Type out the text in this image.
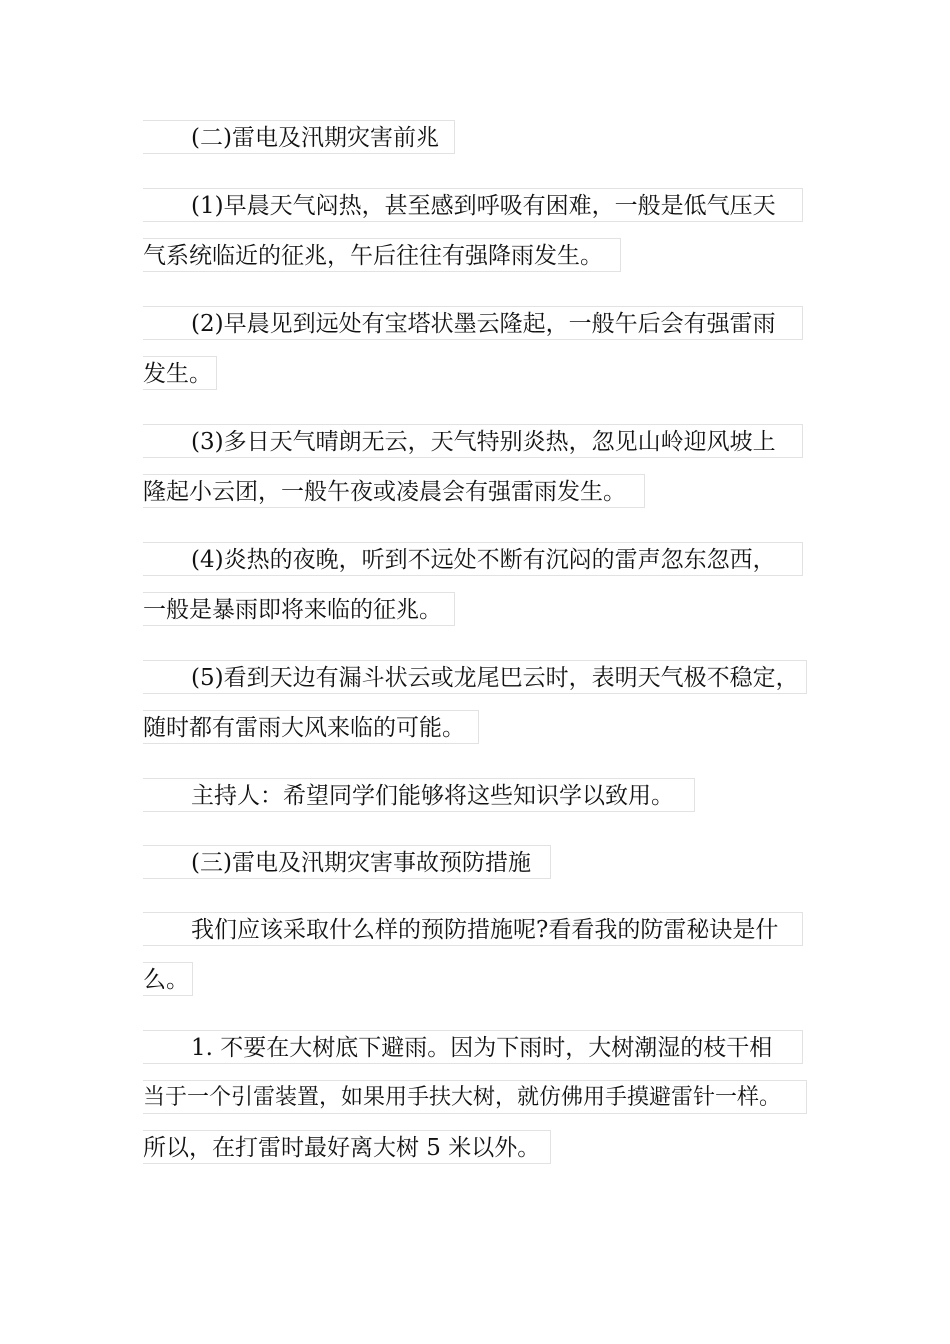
(二)雷电及汛期灾害前兆
(1)早晨天气闷热，甚至感到呼吸有困难，一般是低气压天
气系统临近的征兆，午后往往有强降雨发生。
(2)早晨见到远处有宝塔状墨云隆起，一般午后会有强雷雨
发生。
(3)多日天气晴朗无云，天气特别炎热，忽见山岭迎风坡上
隆起小云团，一般午夜或凌晨会有强雷雨发生。
(4)炎热的夜晚，听到不远处不断有沉闷的雷声忽东忽西，
一般是暴雨即将来临的征兆。
(5)看到天边有漏斗状云或龙尾巴云时，表明天气极不稳定，
随时都有雷雨大风来临的可能。
主持人：希望同学们能够将这些知识学以致用。
(三)雷电及汛期灾害事故预防措施
我们应该采取什么样的预防措施呢?看看我的防雷秘诀是什
么。
1. 不要在大树底下避雨。因为下雨时，大树潮湿的枝干相
当于一个引雷装置，如果用手扶大树，就仿佛用手摸避雷针一样。
所以，在打雷时最好离大树 5 米以外。
